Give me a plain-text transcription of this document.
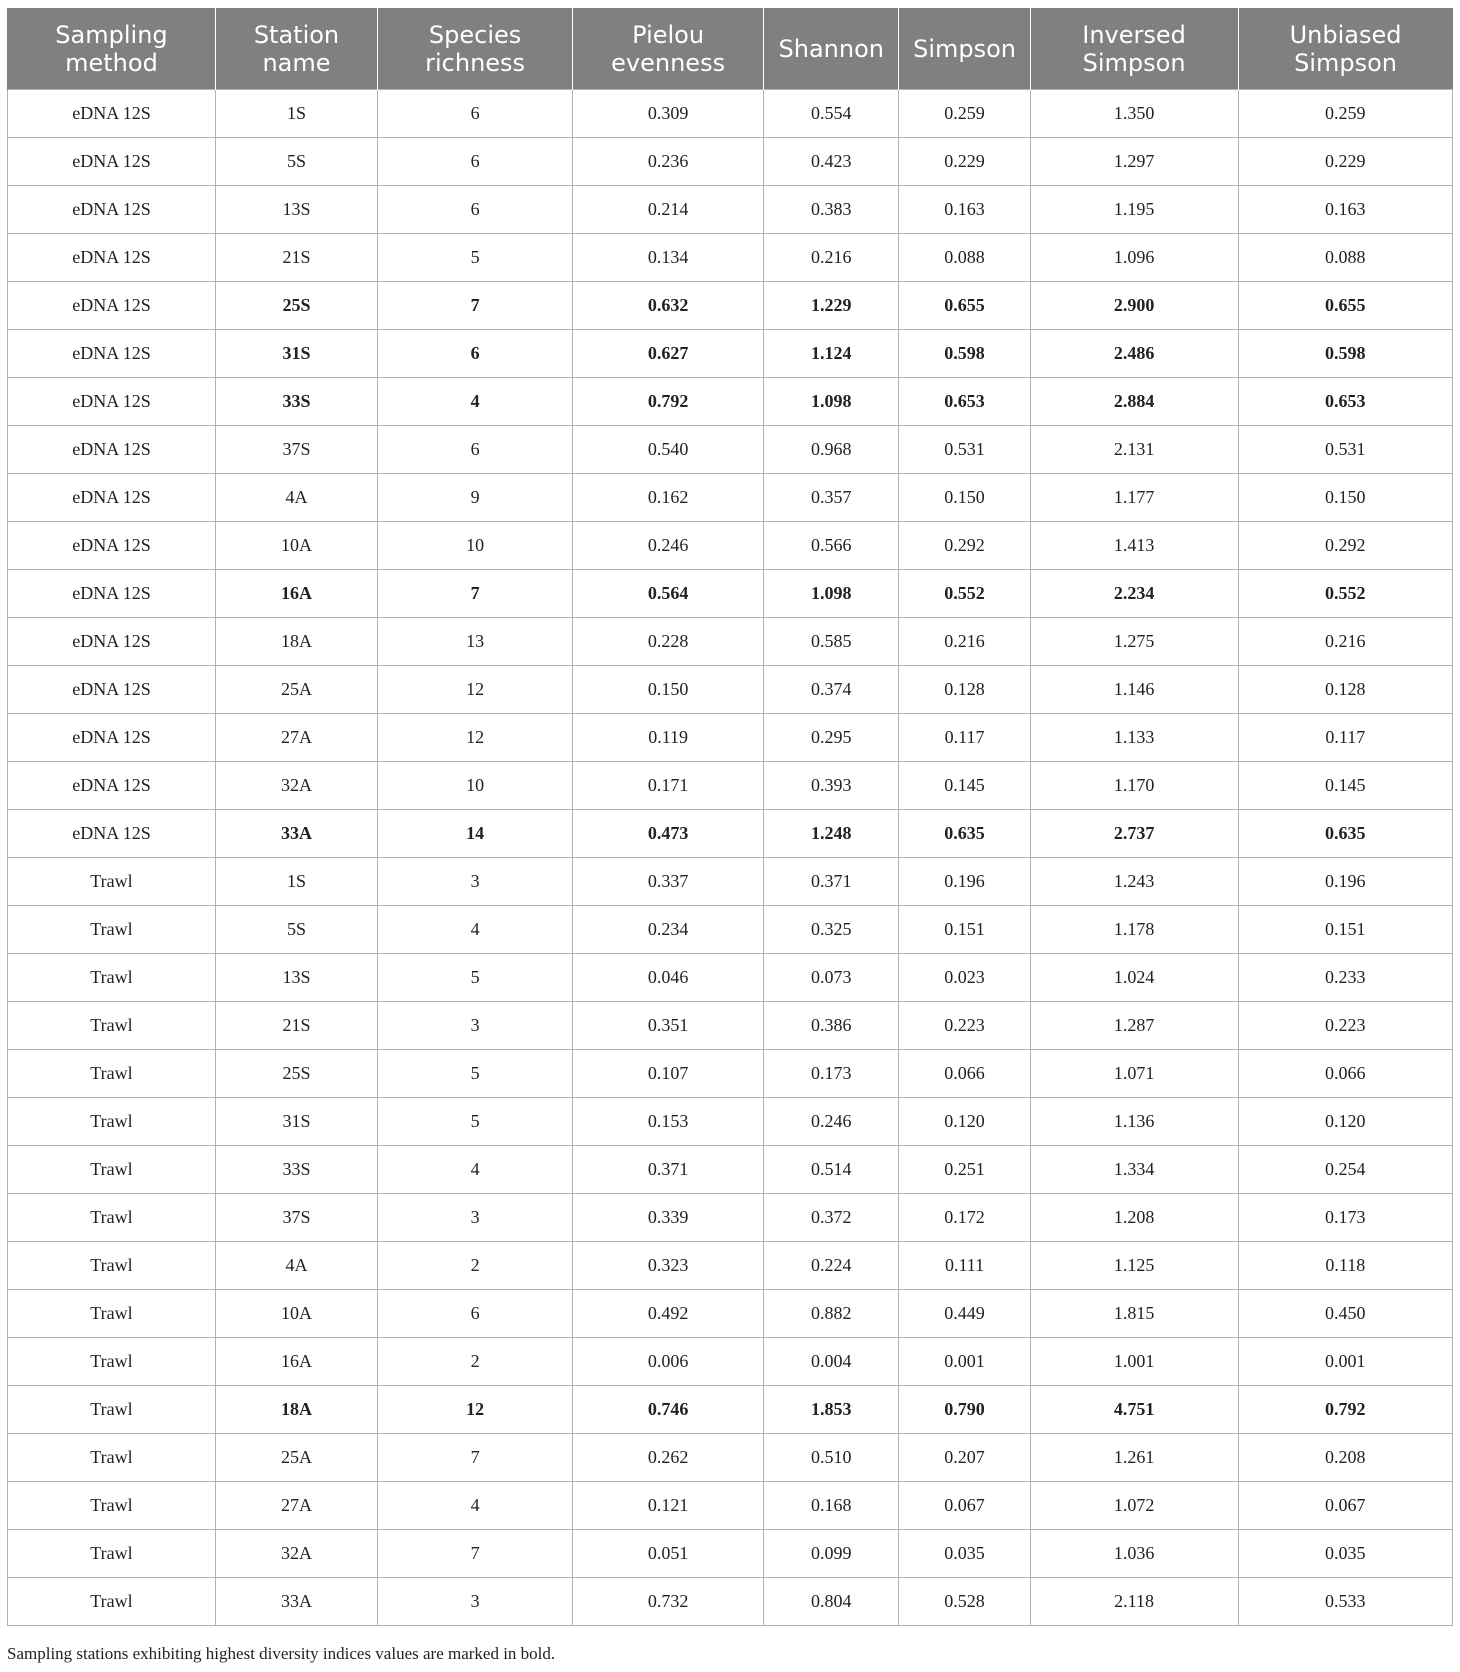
Sampling method	Station name	Species richness	Pielou evenness	Shannon	Simpson	Inversed Simpson	Unbiased Simpson
eDNA 12S	1S	6	0.309	0.554	0.259	1.350	0.259
eDNA 12S	5S	6	0.236	0.423	0.229	1.297	0.229
eDNA 12S	13S	6	0.214	0.383	0.163	1.195	0.163
eDNA 12S	21S	5	0.134	0.216	0.088	1.096	0.088
eDNA 12S	25S	7	0.632	1.229	0.655	2.900	0.655
eDNA 12S	31S	6	0.627	1.124	0.598	2.486	0.598
eDNA 12S	33S	4	0.792	1.098	0.653	2.884	0.653
eDNA 12S	37S	6	0.540	0.968	0.531	2.131	0.531
eDNA 12S	4A	9	0.162	0.357	0.150	1.177	0.150
eDNA 12S	10A	10	0.246	0.566	0.292	1.413	0.292
eDNA 12S	16A	7	0.564	1.098	0.552	2.234	0.552
eDNA 12S	18A	13	0.228	0.585	0.216	1.275	0.216
eDNA 12S	25A	12	0.150	0.374	0.128	1.146	0.128
eDNA 12S	27A	12	0.119	0.295	0.117	1.133	0.117
eDNA 12S	32A	10	0.171	0.393	0.145	1.170	0.145
eDNA 12S	33A	14	0.473	1.248	0.635	2.737	0.635
Trawl	1S	3	0.337	0.371	0.196	1.243	0.196
Trawl	5S	4	0.234	0.325	0.151	1.178	0.151
Trawl	13S	5	0.046	0.073	0.023	1.024	0.233
Trawl	21S	3	0.351	0.386	0.223	1.287	0.223
Trawl	25S	5	0.107	0.173	0.066	1.071	0.066
Trawl	31S	5	0.153	0.246	0.120	1.136	0.120
Trawl	33S	4	0.371	0.514	0.251	1.334	0.254
Trawl	37S	3	0.339	0.372	0.172	1.208	0.173
Trawl	4A	2	0.323	0.224	0.111	1.125	0.118
Trawl	10A	6	0.492	0.882	0.449	1.815	0.450
Trawl	16A	2	0.006	0.004	0.001	1.001	0.001
Trawl	18A	12	0.746	1.853	0.790	4.751	0.792
Trawl	25A	7	0.262	0.510	0.207	1.261	0.208
Trawl	27A	4	0.121	0.168	0.067	1.072	0.067
Trawl	32A	7	0.051	0.099	0.035	1.036	0.035
Trawl	33A	3	0.732	0.804	0.528	2.118	0.533
Sampling stations exhibiting highest diversity indices values are marked in bold.
